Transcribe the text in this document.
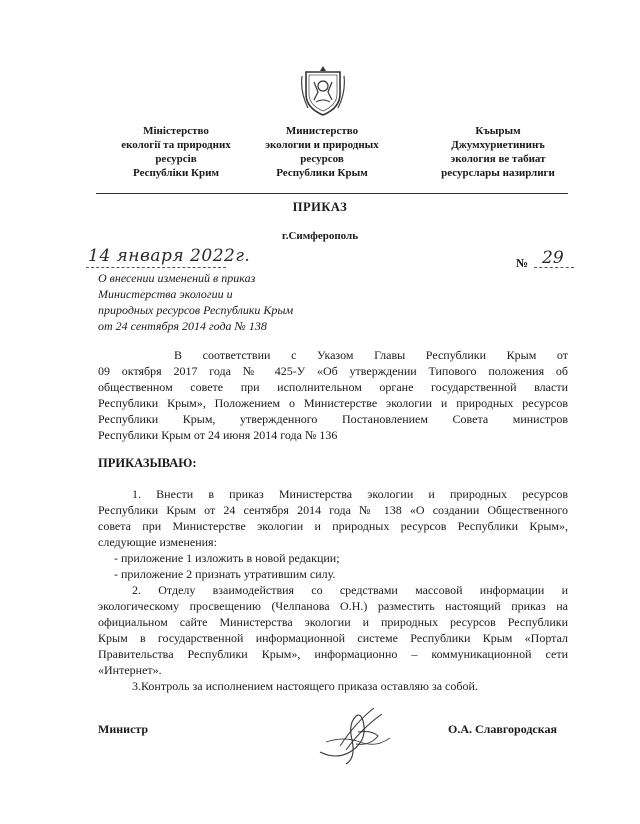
Міністерство
екології та природних
ресурсів
Республіки Крим
Министерство
экологии и природных
ресурсов
Республики Крым
Къырым
Джумхуриетининъ
экология ве табиат
ресурслары назирлиги
ПРИКАЗ
г.Симферополь
14 января 2022г.	№ 29
О внесении изменений в приказ
Министерства экологии и
природных ресурсов Республики Крым
от 24 сентября 2014 года № 138
В соответствии с Указом Главы Республики Крым от
09 октября 2017 года № 425-У «Об утверждении Типового положения об
общественном совете при исполнительном органе государственной власти
Республики Крым», Положением о Министерстве экологии и природных ресурсов
Республики Крым, утвержденного Постановлением Совета министров
Республики Крым от 24 июня 2014 года № 136
ПРИКАЗЫВАЮ:
1. Внести в приказ Министерства экологии и природных ресурсов
Республики Крым от 24 сентября 2014 года № 138 «О создании Общественного
совета при Министерстве экологии и природных ресурсов Республики Крым»,
следующие изменения:
- приложение 1 изложить в новой редакции;
- приложение 2 признать утратившим силу.
2. Отделу взаимодействия со средствами массовой информации и
экологическому просвещению (Челпанова О.Н.) разместить настоящий приказ на
официальном сайте Министерства экологии и природных ресурсов Республики
Крым в государственной информационной системе Республики Крым «Портал
Правительства Республики Крым», информационно – коммуникационной сети
«Интернет».
3.Контроль за исполнением настоящего приказа оставляю за собой.
Министр	О.А. Славгородская
